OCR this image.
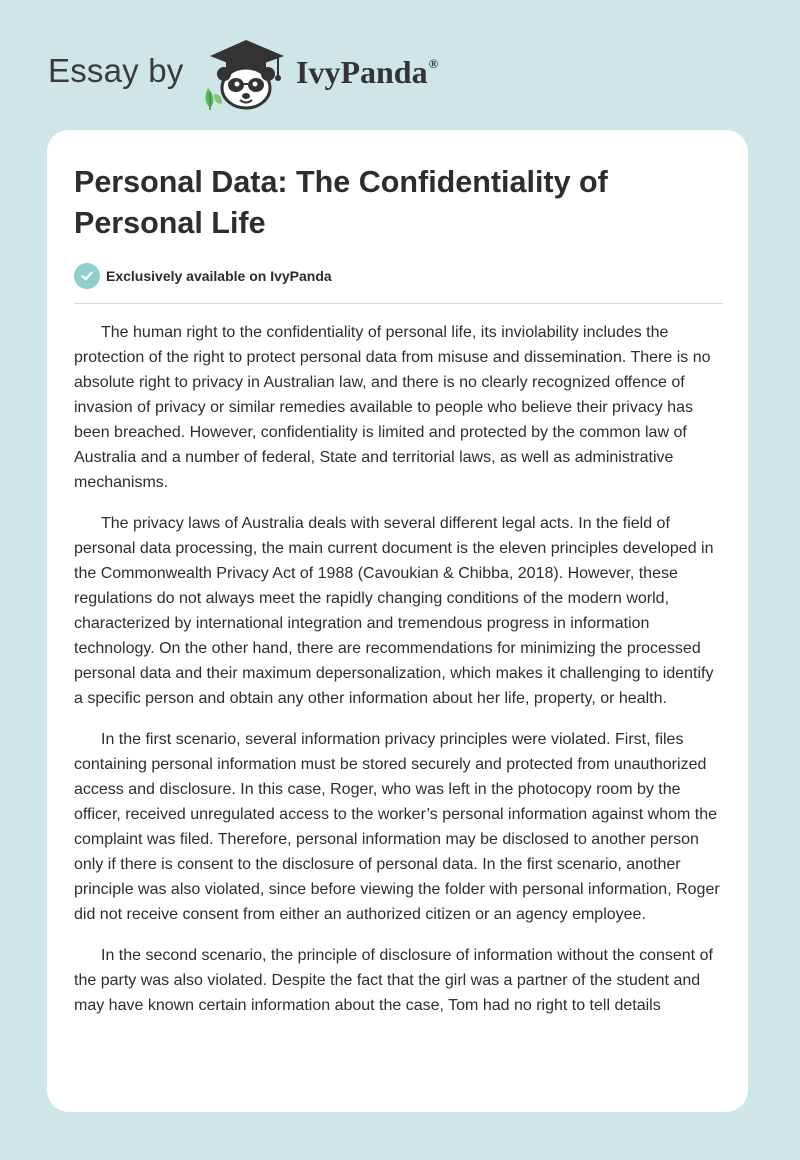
Essay by	IvyPanda®
Personal Data: The Confidentiality of Personal Life
Exclusively available on IvyPanda

The human right to the confidentiality of personal life, its inviolability includes the protection of the right to protect personal data from misuse and dissemination. There is no absolute right to privacy in Australian law, and there is no clearly recognized offence of invasion of privacy or similar remedies available to people who believe their privacy has been breached. However, confidentiality is limited and protected by the common law of Australia and a number of federal, State and territorial laws, as well as administrative mechanisms.

The privacy laws of Australia deals with several different legal acts. In the field of personal data processing, the main current document is the eleven principles developed in the Commonwealth Privacy Act of 1988 (Cavoukian & Chibba, 2018). However, these regulations do not always meet the rapidly changing conditions of the modern world, characterized by international integration and tremendous progress in information technology. On the other hand, there are recommendations for minimizing the processed personal data and their maximum depersonalization, which makes it challenging to identify a specific person and obtain any other information about her life, property, or health.

In the first scenario, several information privacy principles were violated. First, files containing personal information must be stored securely and protected from unauthorized access and disclosure. In this case, Roger, who was left in the photocopy room by the officer, received unregulated access to the worker’s personal information against whom the complaint was filed. Therefore, personal information may be disclosed to another person only if there is consent to the disclosure of personal data. In the first scenario, another principle was also violated, since before viewing the folder with personal information, Roger did not receive consent from either an authorized citizen or an agency employee.

In the second scenario, the principle of disclosure of information without the consent of the party was also violated. Despite the fact that the girl was a partner of the student and may have known certain information about the case, Tom had no right to tell details
